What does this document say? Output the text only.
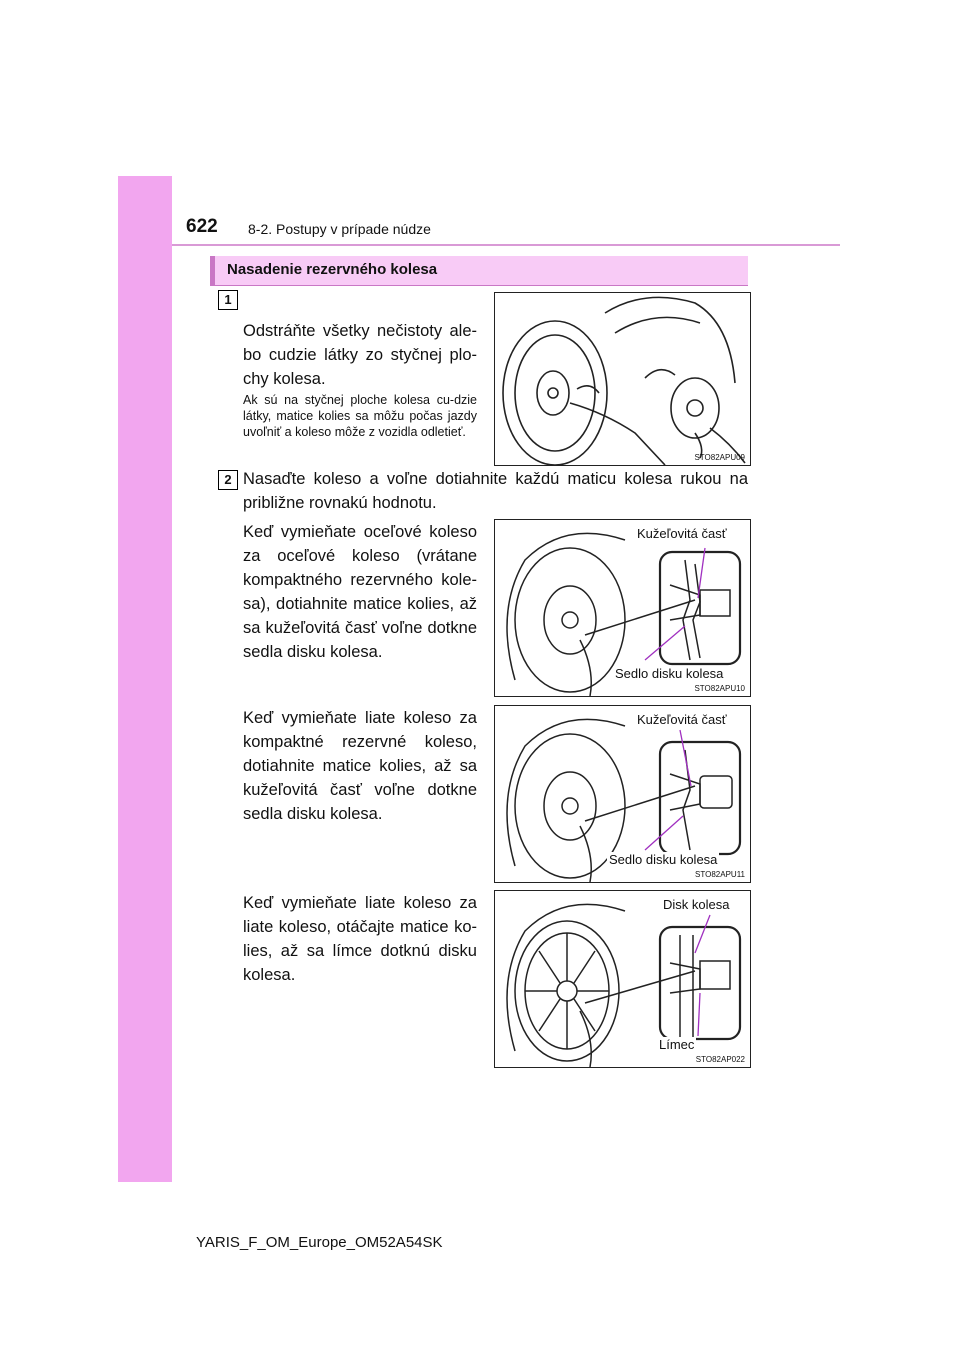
622 8-2. Postupy v prípade núdze
Nasadenie rezervného kolesa
1
Odstráňte všetky nečistoty ale-bo cudzie látky zo styčnej plo-chy kolesa.
Ak sú na styčnej ploche kolesa cu-dzie látky, matice kolies sa môžu počas jazdy uvoľniť a koleso môže z vozidla odletieť.
STO82APU09
2 Nasaďte koleso a voľne dotiahnite každú maticu kolesa rukou na približne rovnakú hodnotu.
Keď vymieňate oceľové koleso za oceľové koleso (vrátane kompaktného rezervného kole-sa), dotiahnite matice kolies, až sa kužeľovitá časť voľne dotkne sedla disku kolesa.
Kužeľovitá časť
Sedlo disku kolesa
STO82APU10
Keď vymieňate liate koleso za kompaktné rezervné koleso, dotiahnite matice kolies, až sa kužeľovitá časť voľne dotkne sedla disku kolesa.
Kužeľovitá časť
Sedlo disku kolesa
STO82APU11
Keď vymieňate liate koleso za liate koleso, otáčajte matice ko-lies, až sa límce dotknú disku kolesa.
Disk kolesa
Límec
STO82AP022
YARIS_F_OM_Europe_OM52A54SK
